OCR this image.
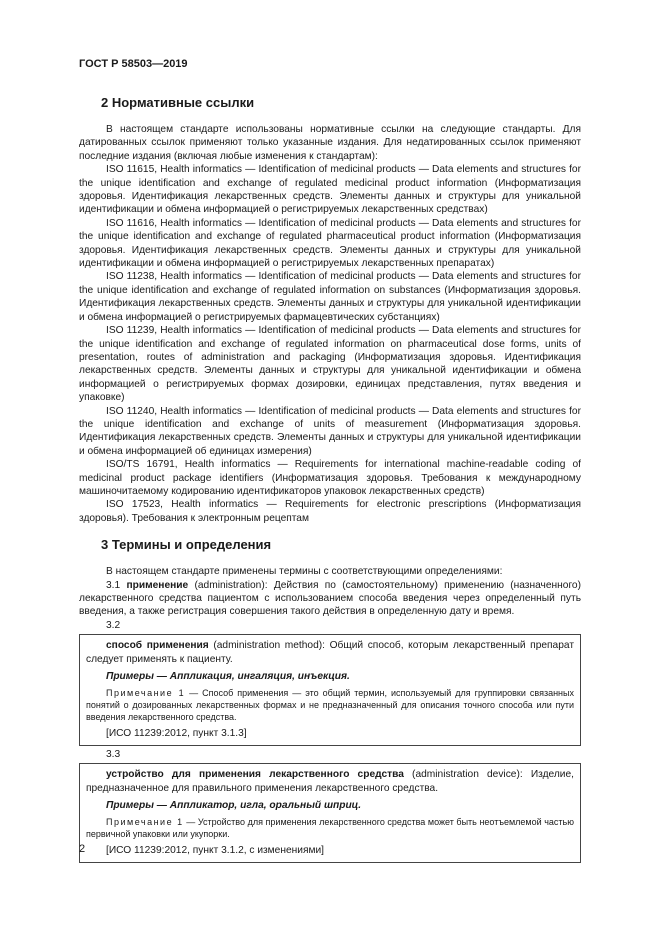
ГОСТ Р 58503—2019
2 Нормативные ссылки

В настоящем стандарте использованы нормативные ссылки на следующие стандарты. Для датированных ссылок применяют только указанные издания. Для недатированных ссылок применяют последние издания (включая любые изменения к стандартам):

ISO 11615, Health informatics — Identification of medicinal products — Data elements and structures for the unique identification and exchange of regulated medicinal product information (Информатизация здоровья. Идентификация лекарственных средств. Элементы данных и структуры для уникальной идентификации и обмена информацией о регистрируемых лекарственных средствах)

ISO 11616, Health informatics — Identification of medicinal products — Data elements and structures for the unique identification and exchange of regulated pharmaceutical product information (Информатизация здоровья. Идентификация лекарственных средств. Элементы данных и структуры для уникальной идентификации и обмена информацией о регистрируемых лекарственных препаратах)

ISO 11238, Health informatics — Identification of medicinal products — Data elements and structures for the unique identification and exchange of regulated information on substances (Информатизация здоровья. Идентификация лекарственных средств. Элементы данных и структуры для уникальной идентификации и обмена информацией о регистрируемых фармацевтических субстанциях)

ISO 11239, Health informatics — Identification of medicinal products — Data elements and structures for the unique identification and exchange of regulated information on pharmaceutical dose forms, units of presentation, routes of administration and packaging (Информатизация здоровья. Идентификация лекарственных средств. Элементы данных и структуры для уникальной идентификации и обмена информацией о регистрируемых формах дозировки, единицах представления, путях введения и упаковке)

ISO 11240, Health informatics — Identification of medicinal products — Data elements and structures for the unique identification and exchange of units of measurement (Информатизация здоровья. Идентификация лекарственных средств. Элементы данных и структуры для уникальной идентификации и обмена информацией об единицах измерения)

ISO/TS 16791, Health informatics — Requirements for international machine-readable coding of medicinal product package identifiers (Информатизация здоровья. Требования к международному машиночитаемому кодированию идентификаторов упаковок лекарственных средств)

ISO 17523, Health informatics — Requirements for electronic prescriptions (Информатизация здоровья). Требования к электронным рецептам

3 Термины и определения

В настоящем стандарте применены термины с соответствующими определениями:

3.1 применение (administration): Действия по (самостоятельному) применению (назначенного) лекарственного средства пациентом с использованием способа введения через определенный путь введения, а также регистрация совершения такого действия в определенную дату и время.

3.2

способ применения (administration method): Общий способ, которым лекарственный препарат следует применять к пациенту.

Примеры — Аппликация, ингаляция, инъекция.

Примечание 1 — Способ применения — это общий термин, используемый для группировки связанных понятий о дозированных лекарственных формах и не предназначенный для описания точного способа или пути введения лекарственного средства.

[ИСО 11239:2012, пункт 3.1.3]

3.3

устройство для применения лекарственного средства (administration device): Изделие, предназначенное для правильного применения лекарственного средства.

Примеры — Аппликатор, игла, оральный шприц.

Примечание 1 — Устройство для применения лекарственного средства может быть неотъемлемой частью первичной упаковки или укупорки.

[ИСО 11239:2012, пункт 3.1.2, с изменениями]

2
